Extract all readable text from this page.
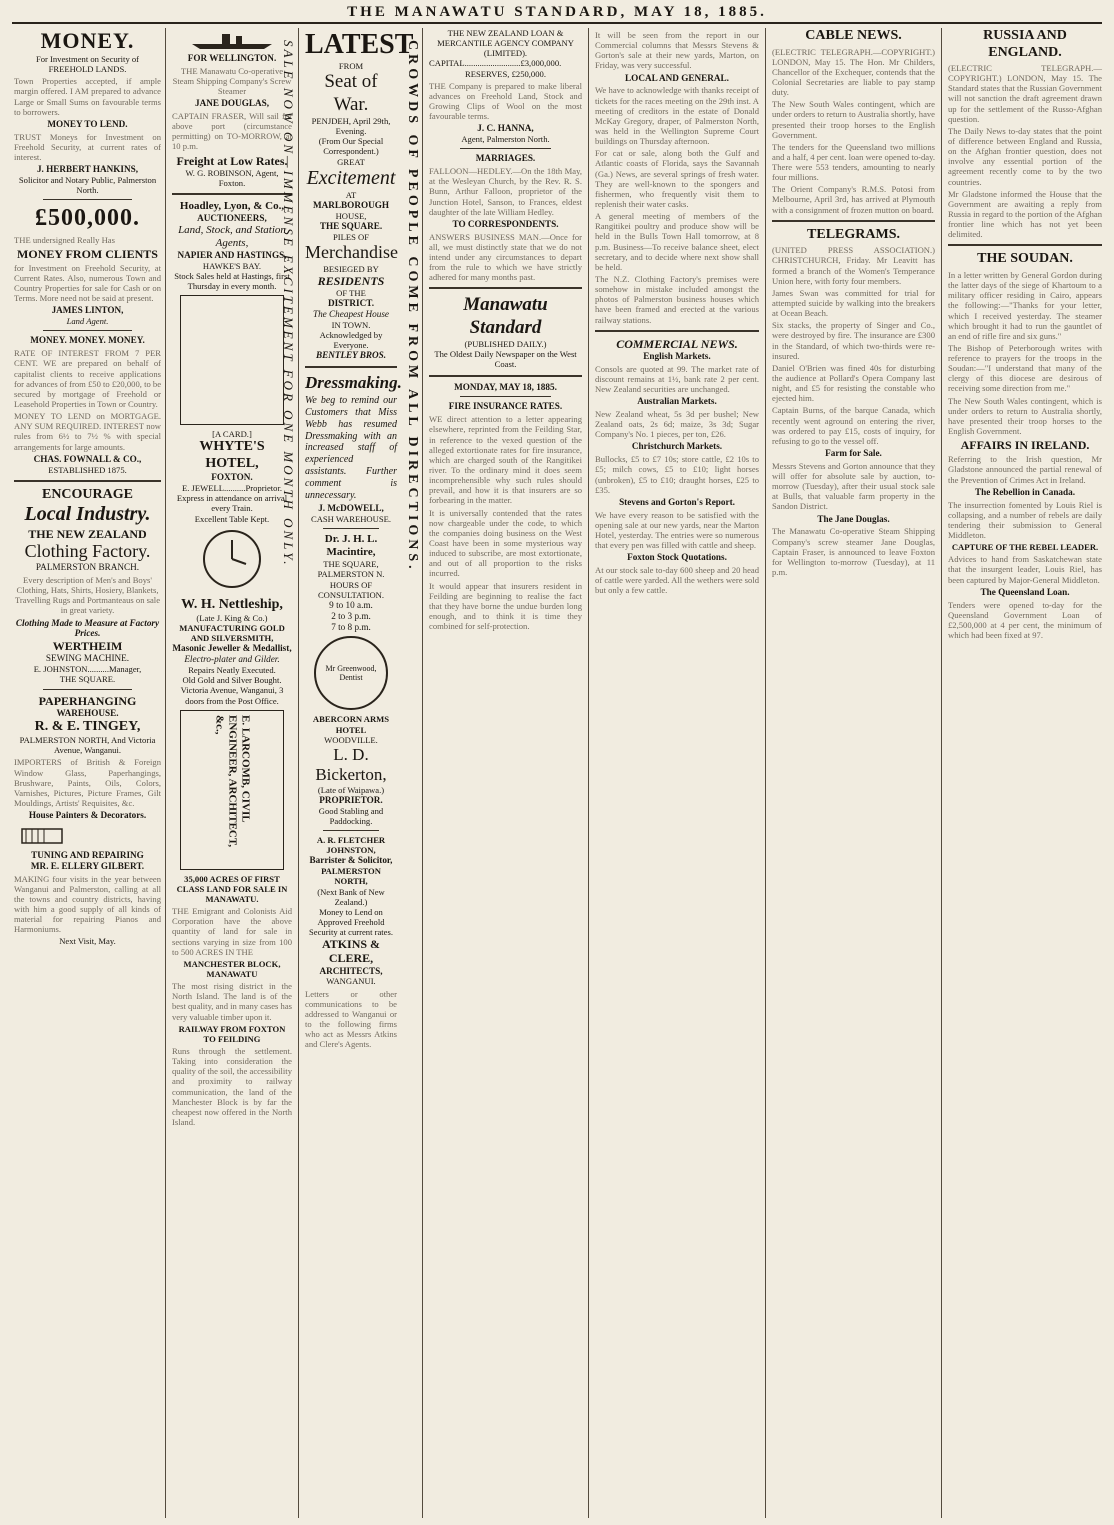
THE MANAWATU STANDARD, MAY 18, 1885.
MONEY.
For Investment on Security of FREEHOLD LANDS.

Town Properties accepted, if ample margin offered. I AM prepared to advance Large or Small Sums on favourable terms to borrowers.

MONEY TO LEND.

TRUST Moneys for Investment on Freehold Security, at current rates of interest.

J. HERBERT HANKINS,
Solicitor and Notary Public, Palmerston North.
£500,000.

THE undersigned Really Has

MONEY FROM CLIENTS

for Investment on Freehold Security, at Current Rates. Also, numerous Town and Country Properties for sale for Cash or on Terms. More need not be said at present.

JAMES LINTON,
Land Agent.
MONEY. MONEY. MONEY.

RATE OF INTEREST FROM 7 PER CENT. WE are prepared on behalf of capitalist clients to receive applications for advances of from £50 to £20,000, to be secured by mortgage of Freehold or Leasehold Properties in Town or Country.

MONEY TO LEND on MORTGAGE. ANY SUM REQUIRED. INTEREST now rules from 6½ to 7½ % with special arrangements for large amounts.

CHAS. FOWNALL & CO.,
ESTABLISHED 1875.
ENCOURAGE
Local Industry.
THE NEW ZEALAND
Clothing Factory.
PALMERSTON BRANCH.

Every description of Men's and Boys' Clothing, Hats, Shirts, Hosiery, Blankets, Travelling Rugs and Portmanteaus on sale in great variety.

Clothing Made to Measure at Factory Prices.
WERTHEIM
SEWING MACHINE.
E. JOHNSTON..........Manager,
THE SQUARE.
PAPERHANGING
WAREHOUSE.
R. & E. TINGEY,
PALMERSTON NORTH, And Victoria Avenue, Wanganui.

IMPORTERS of British & Foreign Window Glass, Paperhangings, Brushware, Paints, Oils, Colors, Varnishes, Pictures, Picture Frames, Gilt Mouldings, Artists' Requisites, &c.

House Painters & Decorators.
TUNING AND REPAIRING
MR. E. ELLERY GILBERT.

MAKING four visits in the year between Wanganui and Palmerston, calling at all the towns and country districts, having with him a good supply of all kinds of material for repairing Pianos and Harmoniums.

Next Visit, May.
FOR WELLINGTON.

THE Manawatu Co-operative Steam Shipping Company's Screw Steamer

JANE DOUGLAS,

CAPTAIN FRASER, Will sail for above port (circumstance permitting) on TO-MORROW, at 10 p.m.

Freight at Low Rates.
W. G. ROBINSON, Agent, Foxton.
Hoadley, Lyon, & Co.,
AUCTIONEERS,
Land, Stock, and Station Agents,
NAPIER AND HASTINGS,
HAWKE'S BAY.
Stock Sales held at Hastings, first Thursday in every month.
[A CARD.]
WHYTE'S HOTEL,
FOXTON.
E. JEWELL..........Proprietor.
Express in attendance on arrival every Train.
Excellent Table Kept.
W. H. Nettleship,
(Late J. King & Co.)
MANUFACTURING GOLD AND SILVERSMITH,
Masonic Jeweller & Medallist,
Electro-plater and Gilder.
Repairs Neatly Executed.
Old Gold and Silver Bought.
Victoria Avenue, Wanganui, 3 doors from the Post Office.
E. LARCOMB, CIVIL ENGINEER, ARCHITECT, &c.,
35,000 ACRES OF FIRST CLASS LAND FOR SALE IN MANAWATU.

THE Emigrant and Colonists Aid Corporation have the above quantity of land for sale in sections varying in size from 100 to 500 ACRES IN THE

MANCHESTER BLOCK, MANAWATU

The most rising district in the North Island. The land is of the best quality, and in many cases has very valuable timber upon it.

RAILWAY FROM FOXTON TO FEILDING

Runs through the settlement. Taking into consideration the quality of the soil, the accessibility and proximity to railway communication, the land of the Manchester Block is by far the cheapest now offered in the North Island.

SALE NOW ON—IMMENSE EXCITEMENT FOR ONE MONTH ONLY.	CROWDS OF PEOPLE COME FROM ALL DIRECTIONS.
LATEST
FROM
Seat of War.
PENJDEH, April 29th,
Evening.
(From Our Special Correspondent.)
GREAT
Excitement
AT
MARLBOROUGH
HOUSE,
THE SQUARE.
PILES OF
Merchandise
BESIEGED BY
RESIDENTS
OF THE
DISTRICT.
The Cheapest House
IN TOWN.
Acknowledged by Everyone.
BENTLEY BROS.
Dressmaking.

We beg to remind our Customers that Miss Webb has resumed Dressmaking with an increased staff of experienced assistants. Further comment is unnecessary.

J. McDOWELL,
CASH WAREHOUSE.
Dr. J. H. L. Macintire,
THE SQUARE, PALMERSTON N.
HOURS OF CONSULTATION.
9 to 10 a.m.
2 to 3 p.m.
7 to 8 p.m.
Mr Greenwood, Dentist
ABERCORN ARMS HOTEL
WOODVILLE.
L. D. Bickerton,
(Late of Waipawa.)
PROPRIETOR.
Good Stabling and Paddocking.
A. R. FLETCHER JOHNSTON,
Barrister & Solicitor,
PALMERSTON NORTH,
(Next Bank of New Zealand.)
Money to Lend on Approved Freehold Security at current rates.
ATKINS & CLERE,
ARCHITECTS,
WANGANUI.

Letters or other communications to be addressed to Wanganui or to the following firms who act as Messrs Atkins and Clere's Agents.

THE NEW ZEALAND LOAN & MERCANTILE AGENCY COMPANY (LIMITED).
CAPITAL..........................£3,000,000.
RESERVES, £250,000.

THE Company is prepared to make liberal advances on Freehold Land, Stock and Growing Clips of Wool on the most favourable terms.

J. C. HANNA,
Agent, Palmerston North.
MARRIAGES.

FALLOON—HEDLEY.—On the 18th May, at the Wesleyan Church, by the Rev. R. S. Bunn, Arthur Falloon, proprietor of the Junction Hotel, Sanson, to Frances, eldest daughter of the late William Hedley.

TO CORRESPONDENTS.

ANSWERS BUSINESS MAN.—Once for all, we must distinctly state that we do not intend under any circumstances to depart from the rule to which we have strictly adhered for many months past.

Manawatu Standard
(PUBLISHED DAILY.)
The Oldest Daily Newspaper on the West Coast.
MONDAY, MAY 18, 1885.
FIRE INSURANCE RATES.

WE direct attention to a letter appearing elsewhere, reprinted from the Feilding Star, in reference to the vexed question of the alleged extortionate rates for fire insurance, which are charged south of the Rangitikei river. To the ordinary mind it does seem incomprehensible why such rules should prevail, and how it is that insurers are so forbearing in the matter.

It is universally contended that the rates now chargeable under the code, to which the companies doing business on the West Coast have been in some mysterious way induced to subscribe, are most extortionate, and out of all proportion to the risks incurred.

It would appear that insurers resident in Feilding are beginning to realise the fact that they have borne the undue burden long enough, and to think it is time they combined for self-protection.

It will be seen from the report in our Commercial columns that Messrs Stevens & Gorton's sale at their new yards, Marton, on Friday, was very successful.

LOCAL AND GENERAL.

We have to acknowledge with thanks receipt of tickets for the races meeting on the 29th inst. A meeting of creditors in the estate of Donald McKay Gregory, draper, of Palmerston North, was held in the Wellington Supreme Court buildings on Thursday afternoon.

For cat or sale, along both the Gulf and Atlantic coasts of Florida, says the Savannah (Ga.) News, are several springs of fresh water. They are well-known to the spongers and fishermen, who frequently visit them to replenish their water casks.

A general meeting of members of the Rangitikei poultry and produce show will be held in the Bulls Town Hall tomorrow, at 8 p.m. Business—To receive balance sheet, elect secretary, and to decide where next show shall be held.

The N.Z. Clothing Factory's premises were somehow in mistake included amongst the photos of Palmerston business houses which have been framed and erected at the various railway stations.

COMMERCIAL NEWS.
English Markets.

Consols are quoted at 99. The market rate of discount remains at 1½, bank rate 2 per cent. New Zealand securities are unchanged.

Australian Markets.

New Zealand wheat, 5s 3d per bushel; New Zealand oats, 2s 6d; maize, 3s 3d; Sugar Company's No. 1 pieces, per ton, £26.

Christchurch Markets.

Bullocks, £5 to £7 10s; store cattle, £2 10s to £5; milch cows, £5 to £10; light horses (unbroken), £5 to £10; draught horses, £25 to £35.

Stevens and Gorton's Report.

We have every reason to be satisfied with the opening sale at our new yards, near the Marton Hotel, yesterday. The entries were so numerous that every pen was filled with cattle and sheep.

Foxton Stock Quotations.

At our stock sale to-day 600 sheep and 20 head of cattle were yarded. All the wethers were sold but only a few cattle.

CABLE NEWS.

(ELECTRIC TELEGRAPH.—COPYRIGHT.) LONDON, May 15. The Hon. Mr Childers, Chancellor of the Exchequer, contends that the Colonial Secretaries are liable to pay stamp duty.

The New South Wales contingent, which are under orders to return to Australia shortly, have presented their troop horses to the English Government.

The tenders for the Queensland two millions and a half, 4 per cent. loan were opened to-day. There were 553 tenders, amounting to nearly four millions.

The Orient Company's R.M.S. Potosi from Melbourne, April 3rd, has arrived at Plymouth with a consignment of frozen mutton on board.

TELEGRAMS.

(UNITED PRESS ASSOCIATION.) CHRISTCHURCH, Friday. Mr Leavitt has formed a branch of the Women's Temperance Union here, with forty four members.

James Swan was committed for trial for attempted suicide by walking into the breakers at Ocean Beach.

Six stacks, the property of Singer and Co., were destroyed by fire. The insurance are £300 in the Standard, of which two-thirds were re-insured.

Daniel O'Brien was fined 40s for disturbing the audience at Pollard's Opera Company last night, and £5 for resisting the constable who ejected him.

Captain Burns, of the barque Canada, which recently went aground on entering the river, was ordered to pay £15, costs of inquiry, for refusing to go to the vessel off.

Farm for Sale.

Messrs Stevens and Gorton announce that they will offer for absolute sale by auction, to-morrow (Tuesday), after their usual stock sale at Bulls, that valuable farm property in the Sandon District.

The Jane Douglas.

The Manawatu Co-operative Steam Shipping Company's screw steamer Jane Douglas, Captain Fraser, is announced to leave Foxton for Wellington to-morrow (Tuesday), at 11 p.m.

RUSSIA AND ENGLAND.

(ELECTRIC TELEGRAPH.—COPYRIGHT.) LONDON, May 15. The Standard states that the Russian Government will not sanction the draft agreement drawn up for the settlement of the Russo-Afghan question.

The Daily News to-day states that the point of difference between England and Russia, on the Afghan frontier question, does not involve any essential portion of the agreement recently come to by the two countries.

Mr Gladstone informed the House that the Government are awaiting a reply from Russia in regard to the portion of the Afghan frontier line which has not yet been delimited.

THE SOUDAN.

In a letter written by General Gordon during the latter days of the siege of Khartoum to a military officer residing in Cairo, appears the following:—"Thanks for your letter, which I received yesterday. The steamer which brought it had to run the gauntlet of an end of rifle fire and six guns."

The Bishop of Peterborough writes with reference to prayers for the troops in the Soudan:—"I understand that many of the clergy of this diocese are desirous of receiving some direction from me."

The New South Wales contingent, which is under orders to return to Australia shortly, have presented their troop horses to the English Government.

AFFAIRS IN IRELAND.

Referring to the Irish question, Mr Gladstone announced the partial renewal of the Prevention of Crimes Act in Ireland.

The Rebellion in Canada.

The insurrection fomented by Louis Riel is collapsing, and a number of rebels are daily tendering their submission to General Middleton.

CAPTURE OF THE REBEL LEADER.

Advices to hand from Saskatchewan state that the insurgent leader, Louis Riel, has been captured by Major-General Middleton.

The Queensland Loan.

Tenders were opened to-day for the Queensland Government Loan of £2,500,000 at 4 per cent, the minimum of which had been fixed at 97.
